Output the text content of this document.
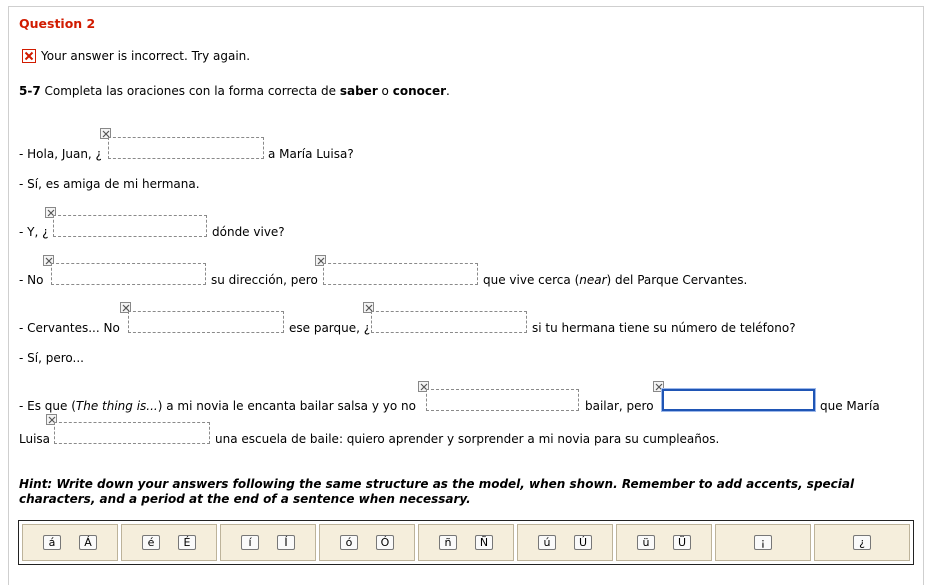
Question 2
Your answer is incorrect. Try again.
5-7 Completa las oraciones con la forma correcta de saber o conocer.
- Hola, Juan, ¿	a María Luisa?
- Sí, es amiga de mi hermana.
- Y, ¿	dónde vive?
- No	su dirección, pero	que vive cerca (near) del Parque Cervantes.
- Cervantes... No	ese parque, ¿	si tu hermana tiene su número de teléfono?
- Sí, pero...
- Es que (The thing is...) a mi novia le encanta bailar salsa y yo no	bailar, pero	que María
Luisa	una escuela de baile: quiero aprender y sorprender a mi novia para su cumpleaños.
Hint: Write down your answers following the same structure as the model, when shown. Remember to add accents, special characters, and a period at the end of a sentence when necessary.
á	Á	é	É	í	Í	ó	Ó	ñ	Ñ	ú	Ú	ü	Ü	¡	¿
